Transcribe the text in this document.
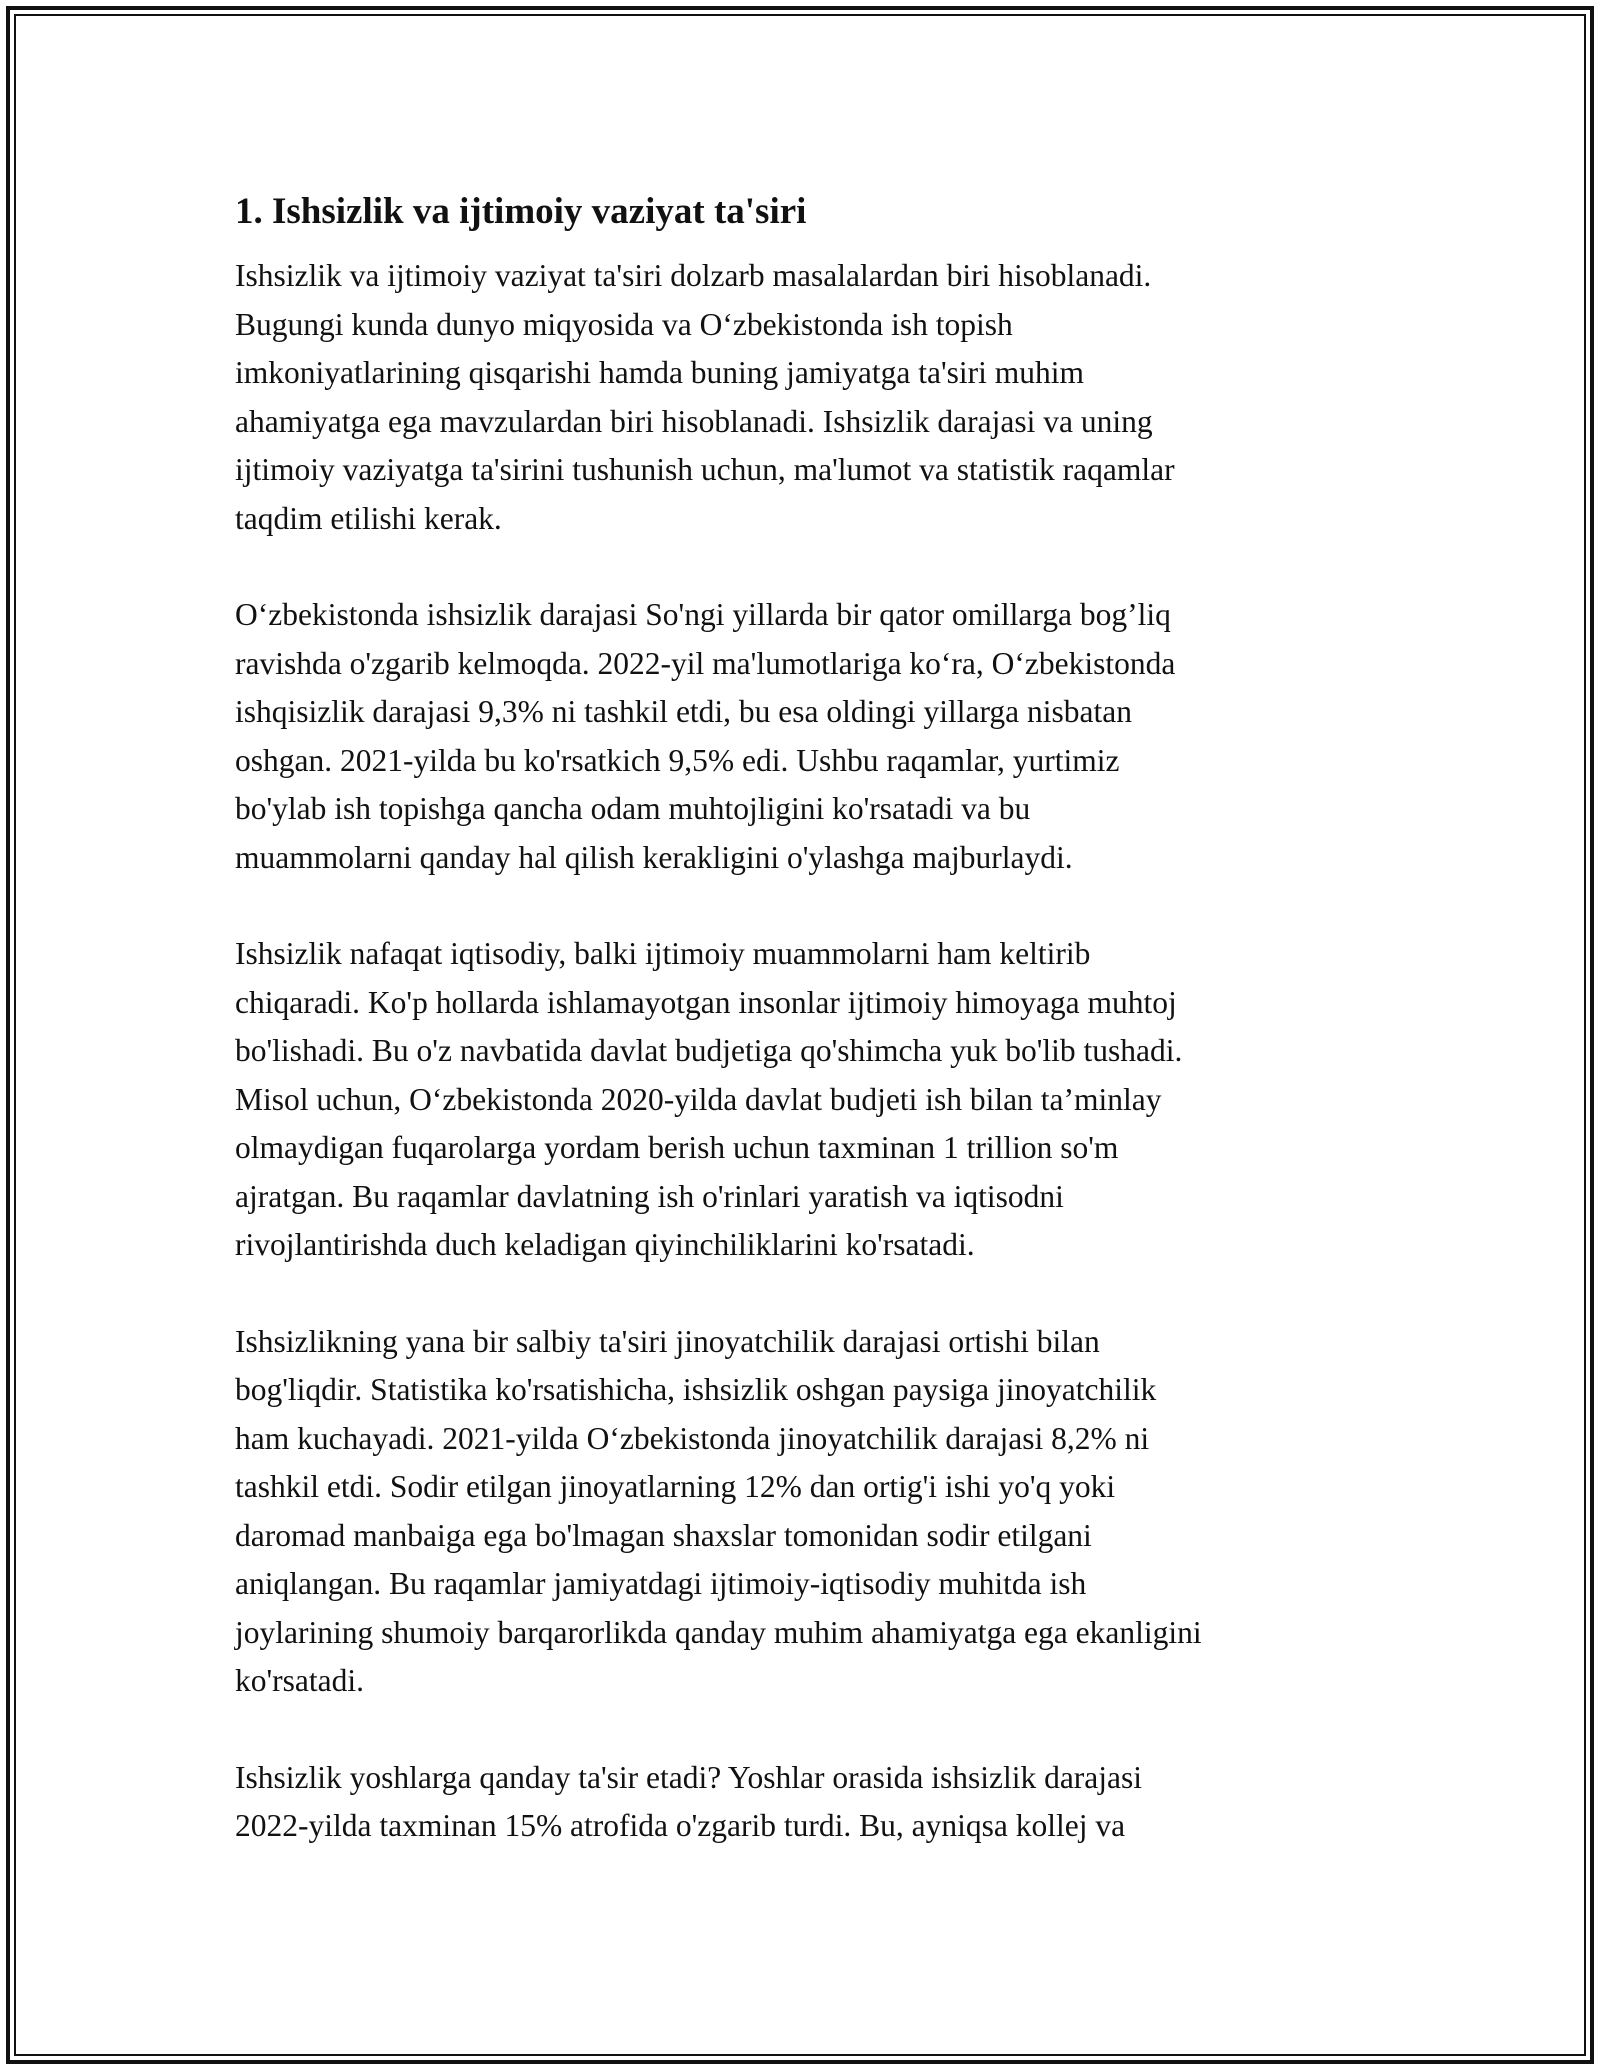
1. Ishsizlik va ijtimoiy vaziyat ta'siri

Ishsizlik va ijtimoiy vaziyat ta'siri dolzarb masalalardan biri hisoblanadi.
Bugungi kunda dunyo miqyosida va O‘zbekistonda ish topish
imkoniyatlarining qisqarishi hamda buning jamiyatga ta'siri muhim
ahamiyatga ega mavzulardan biri hisoblanadi. Ishsizlik darajasi va uning
ijtimoiy vaziyatga ta'sirini tushunish uchun, ma'lumot va statistik raqamlar
taqdim etilishi kerak.

O‘zbekistonda ishsizlik darajasi So'ngi yillarda bir qator omillarga bog’liq
ravishda o'zgarib kelmoqda. 2022-yil ma'lumotlariga ko‘ra, O‘zbekistonda
ishqisizlik darajasi 9,3% ni tashkil etdi, bu esa oldingi yillarga nisbatan
oshgan. 2021-yilda bu ko'rsatkich 9,5% edi. Ushbu raqamlar, yurtimiz
bo'ylab ish topishga qancha odam muhtojligini ko'rsatadi va bu
muammolarni qanday hal qilish kerakligini o'ylashga majburlaydi.

Ishsizlik nafaqat iqtisodiy, balki ijtimoiy muammolarni ham keltirib
chiqaradi. Ko'p hollarda ishlamayotgan insonlar ijtimoiy himoyaga muhtoj
bo'lishadi. Bu o'z navbatida davlat budjetiga qo'shimcha yuk bo'lib tushadi.
Misol uchun, O‘zbekistonda 2020-yilda davlat budjeti ish bilan ta’minlay
olmaydigan fuqarolarga yordam berish uchun taxminan 1 trillion so'm
ajratgan. Bu raqamlar davlatning ish o'rinlari yaratish va iqtisodni
rivojlantirishda duch keladigan qiyinchiliklarini ko'rsatadi.

Ishsizlikning yana bir salbiy ta'siri jinoyatchilik darajasi ortishi bilan
bog'liqdir. Statistika ko'rsatishicha, ishsizlik oshgan paysiga jinoyatchilik
ham kuchayadi. 2021-yilda O‘zbekistonda jinoyatchilik darajasi 8,2% ni
tashkil etdi. Sodir etilgan jinoyatlarning 12% dan ortig'i ishi yo'q yoki
daromad manbaiga ega bo'lmagan shaxslar tomonidan sodir etilgani
aniqlangan. Bu raqamlar jamiyatdagi ijtimoiy-iqtisodiy muhitda ish
joylarining shumoiy barqarorlikda qanday muhim ahamiyatga ega ekanligini
ko'rsatadi.

Ishsizlik yoshlarga qanday ta'sir etadi? Yoshlar orasida ishsizlik darajasi
2022-yilda taxminan 15% atrofida o'zgarib turdi. Bu, ayniqsa kollej va
